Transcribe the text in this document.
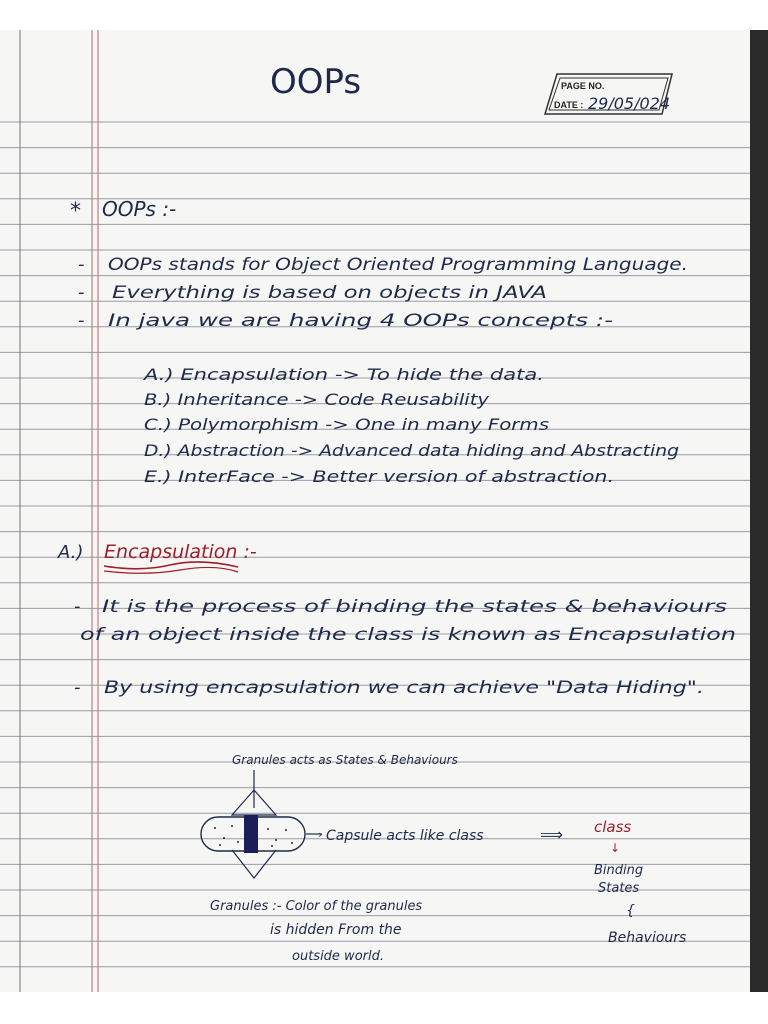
OOPs	PAGE NO.
DATE : 29/05/024
* OOPs :-
- OOPs stands for Object Oriented Programming Language.
- Everything is based on objects in JAVA
- In java we are having 4 OOPs concepts :-
A.) Encapsulation -> To hide the data.
B.) Inheritance -> Code Reusability
C.) Polymorphism -> One in many Forms
D.) Abstraction -> Advanced data hiding and Abstracting
E.) InterFace -> Better version of abstraction.
A.) Encapsulation :-
- It is the process of binding the states & behaviours
of an object inside the class is known as Encapsulation
- By using encapsulation we can achieve "Data Hiding".
Granules acts as States & Behaviours
› Capsule acts like class	⟹ class
↓
Binding
States
{
Behaviours
Granules :- Color of the granules
is hidden From the
outside world.
